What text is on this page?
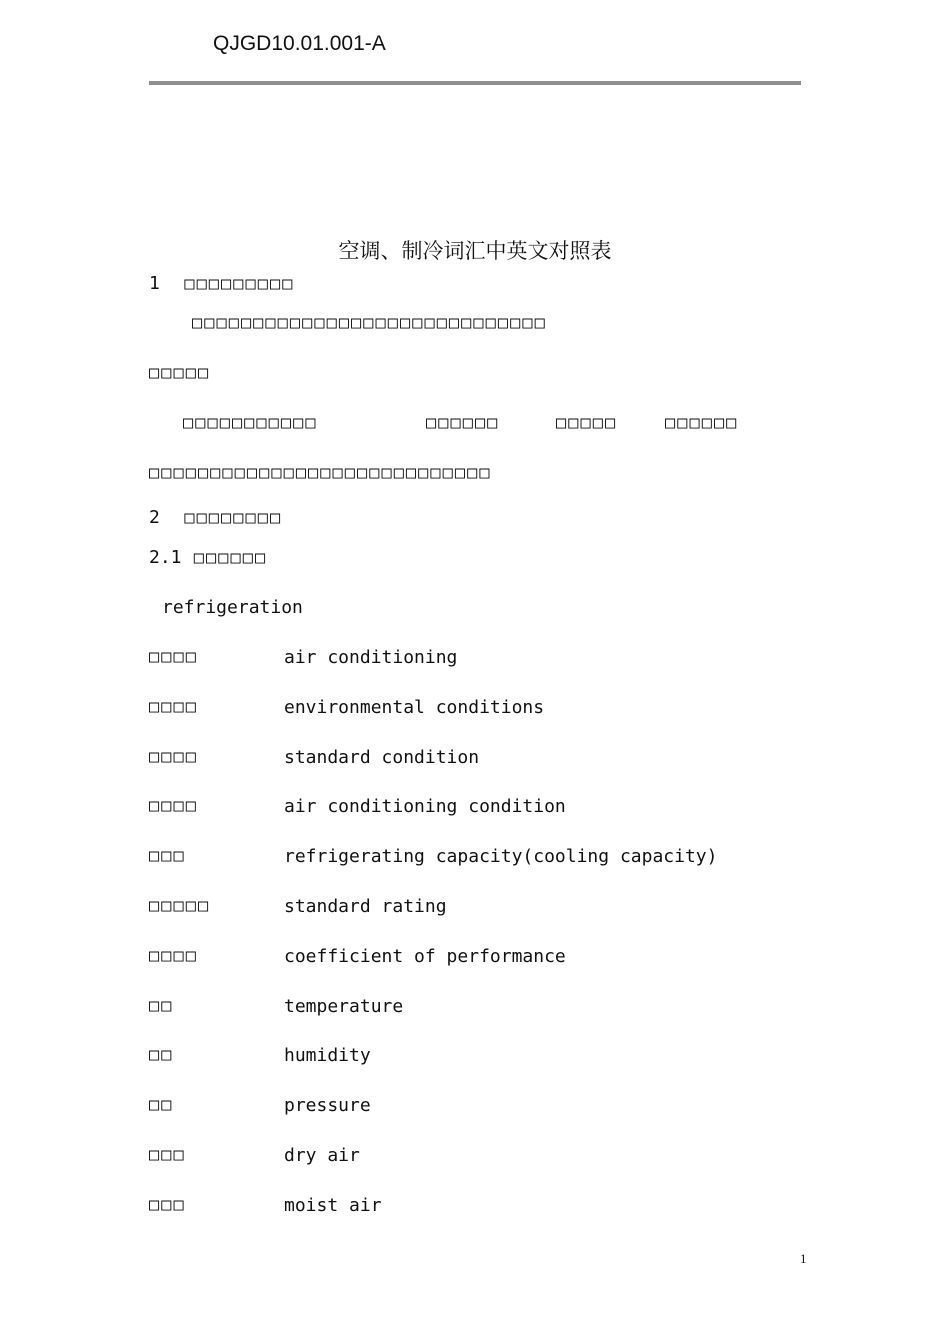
QJGD10.01.001-A
空调、制冷词汇中英文对照表
1 □□□□□□□□□
□□□□□□□□□□□□□□□□□□□□□□□□□□□□□
□□□□□
□□□□□□□□□□□	□□□□□□	□□□□□	□□□□□□
□□□□□□□□□□□□□□□□□□□□□□□□□□□□
2 □□□□□□□□
2.1 □□□□□□
refrigeration
□□□□	air conditioning
□□□□	environmental conditions
□□□□	standard condition
□□□□	air conditioning condition
□□□	refrigerating capacity(cooling capacity)
□□□□□	standard rating
□□□□	coefficient of performance
□□	temperature
□□	humidity
□□	pressure
□□□	dry air
□□□	moist air
1
